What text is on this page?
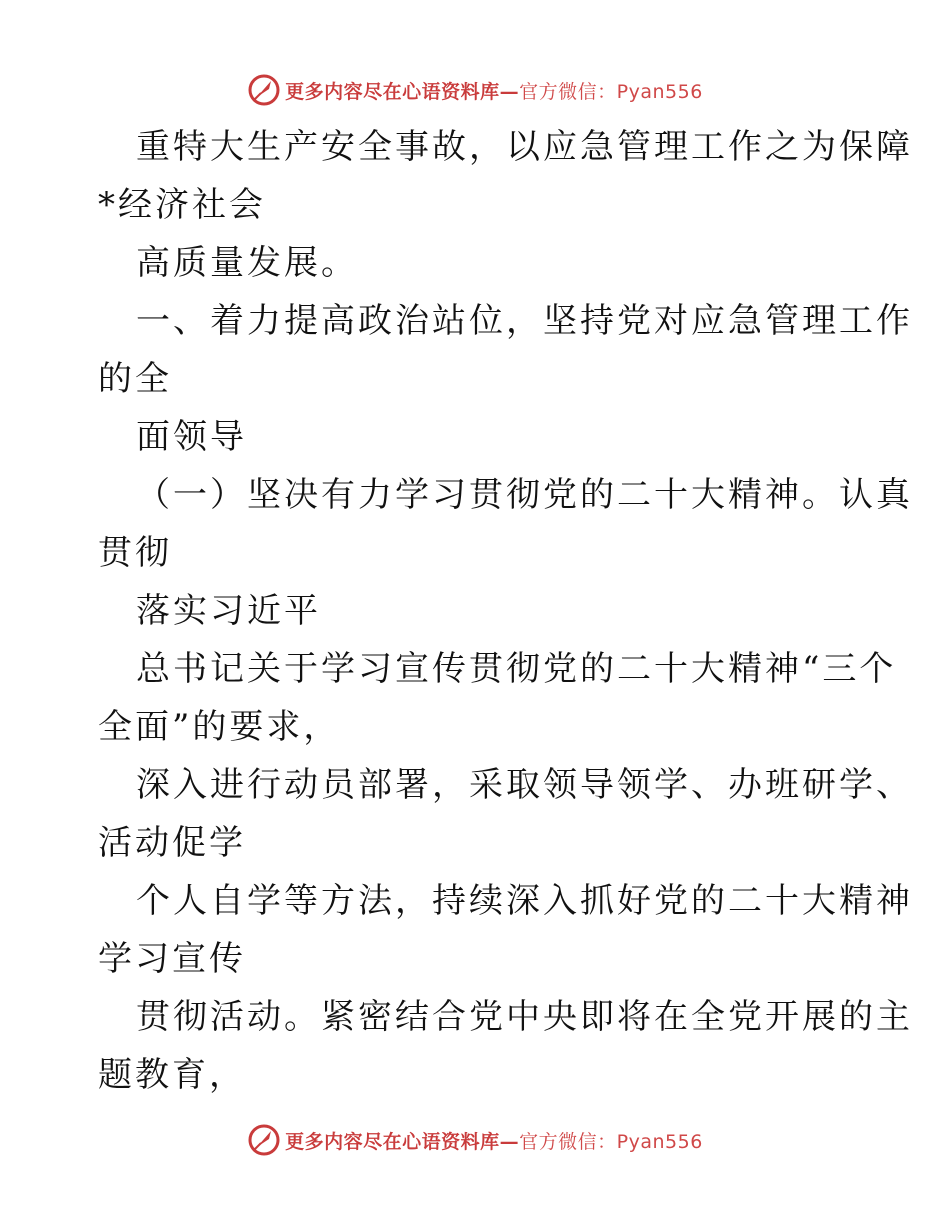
更多内容尽在心语资料库—官方微信：Pyan556
重特大生产安全事故，以应急管理工作之为保障
*经济社会
高质量发展。
一、着力提高政治站位，坚持党对应急管理工作
的全
面领导
（一）坚决有力学习贯彻党的二十大精神。认真
贯彻
落实习近平
总书记关于学习宣传贯彻党的二十大精神“三个
全面”的要求，
深入进行动员部署，采取领导领学、办班研学、
活动促学
个人自学等方法，持续深入抓好党的二十大精神
学习宣传
贯彻活动。紧密结合党中央即将在全党开展的主
题教育，
更多内容尽在心语资料库—官方微信：Pyan556
